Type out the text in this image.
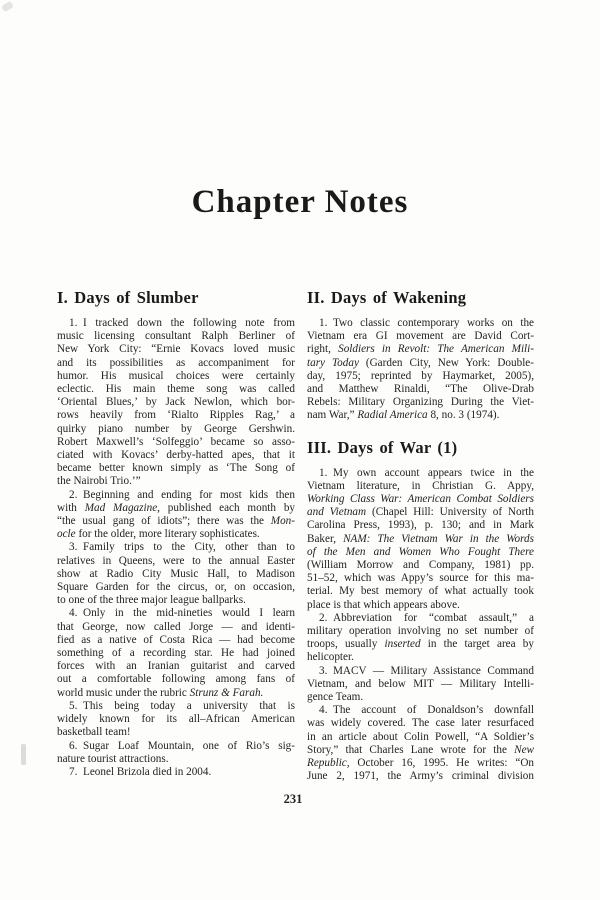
Chapter Notes
I. Days of Slumber
1. I tracked down the following note from
music licensing consultant Ralph Berliner of
New York City: “Ernie Kovacs loved music
and its possibilities as accompaniment for
humor. His musical choices were certainly
eclectic. His main theme song was called
‘Oriental Blues,’ by Jack Newlon, which bor-
rows heavily from ‘Rialto Ripples Rag,’ a
quirky piano number by George Gershwin.
Robert Maxwell’s ‘Solfeggio’ became so asso-
ciated with Kovacs’ derby-hatted apes, that it
became better known simply as ‘The Song of
the Nairobi Trio.’”
2. Beginning and ending for most kids then
with Mad Magazine, published each month by
“the usual gang of idiots”; there was the Mon-
ocle for the older, more literary sophisticates.
3. Family trips to the City, other than to
relatives in Queens, were to the annual Easter
show at Radio City Music Hall, to Madison
Square Garden for the circus, or, on occasion,
to one of the three major league ballparks.
4. Only in the mid-nineties would I learn
that George, now called Jorge — and identi-
fied as a native of Costa Rica — had become
something of a recording star. He had joined
forces with an Iranian guitarist and carved
out a comfortable following among fans of
world music under the rubric Strunz & Farah.
5. This being today a university that is
widely known for its all–African American
basketball team!
6. Sugar Loaf Mountain, one of Rio’s sig-
nature tourist attractions.
7. Leonel Brizola died in 2004.
II. Days of Wakening
1. Two classic contemporary works on the
Vietnam era GI movement are David Cort-
right, Soldiers in Revolt: The American Mili-
tary Today (Garden City, New York: Double-
day, 1975; reprinted by Haymarket, 2005),
and Matthew Rinaldi, “The Olive-Drab
Rebels: Military Organizing During the Viet-
nam War,” Radial America 8, no. 3 (1974).
III. Days of War (1)
1. My own account appears twice in the
Vietnam literature, in Christian G. Appy,
Working Class War: American Combat Soldiers
and Vietnam (Chapel Hill: University of North
Carolina Press, 1993), p. 130; and in Mark
Baker, NAM: The Vietnam War in the Words
of the Men and Women Who Fought There
(William Morrow and Company, 1981) pp.
51–52, which was Appy’s source for this ma-
terial. My best memory of what actually took
place is that which appears above.
2. Abbreviation for “combat assault,” a
military operation involving no set number of
troops, usually inserted in the target area by
helicopter.
3. MACV — Military Assistance Command
Vietnam, and below MIT — Military Intelli-
gence Team.
4. The account of Donaldson’s downfall
was widely covered. The case later resurfaced
in an article about Colin Powell, “A Soldier’s
Story,” that Charles Lane wrote for the New
Republic, October 16, 1995. He writes: “On
June 2, 1971, the Army’s criminal division
231
